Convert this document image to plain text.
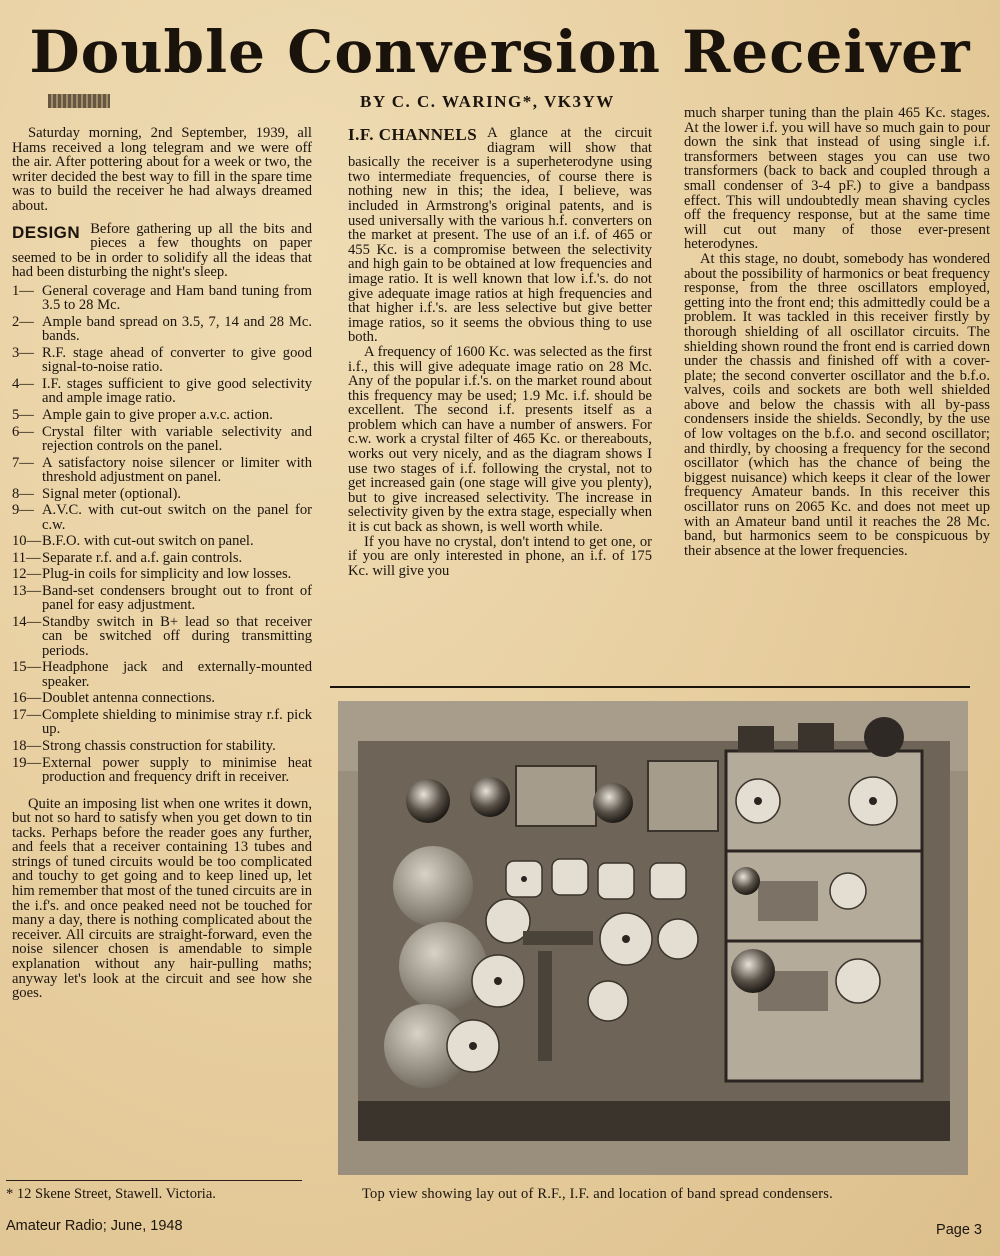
Double Conversion Receiver
BY C. C. WARING*, VK3YW

Saturday morning, 2nd September, 1939, all Hams received a long telegram and we were off the air. After pottering about for a week or two, the writer decided the best way to fill in the spare time was to build the receiver he had always dreamed about.

DESIGN Before gathering up all the bits and pieces a few thoughts on paper seemed to be in order to solidify all the ideas that had been disturbing the night's sleep.
1— General coverage and Ham band tuning from 3.5 to 28 Mc.
2— Ample band spread on 3.5, 7, 14 and 28 Mc. bands.
3— R.F. stage ahead of converter to give good signal-to-noise ratio.
4— I.F. stages sufficient to give good selectivity and ample image ratio.
5— Ample gain to give proper a.v.c. action.
6— Crystal filter with variable selectivity and rejection controls on the panel.
7— A satisfactory noise silencer or limiter with threshold adjustment on panel.
8— Signal meter (optional).
9— A.V.C. with cut-out switch on the panel for c.w.
10— B.F.O. with cut-out switch on panel.
11— Separate r.f. and a.f. gain controls.
12— Plug-in coils for simplicity and low losses.
13— Band-set condensers brought out to front of panel for easy adjustment.
14— Standby switch in B+ lead so that receiver can be switched off during transmitting periods.
15— Headphone jack and externally-mounted speaker.
16— Doublet antenna connections.
17— Complete shielding to minimise stray r.f. pick up.
18— Strong chassis construction for stability.
19— External power supply to minimise heat production and frequency drift in receiver.

Quite an imposing list when one writes it down, but not so hard to satisfy when you get down to tin tacks. Perhaps before the reader goes any further, and feels that a receiver containing 13 tubes and strings of tuned circuits would be too complicated and touchy to get going and to keep lined up, let him remember that most of the tuned circuits are in the i.f's. and once peaked need not be touched for many a day, there is nothing complicated about the receiver. All circuits are straight-forward, even the noise silencer chosen is amendable to simple explanation without any hair-pulling maths; anyway let's look at the circuit and see how she goes.

I.F. CHANNELS A glance at the circuit diagram will show that basically the receiver is a superheterodyne using two intermediate frequencies, of course there is nothing new in this; the idea, I believe, was included in Armstrong's original patents, and is used universally with the various h.f. converters on the market at present. The use of an i.f. of 465 or 455 Kc. is a compromise between the selectivity and high gain to be obtained at low frequencies and image ratio. It is well known that low i.f.'s. do not give adequate image ratios at high frequencies and that higher i.f.'s. are less selective but give better image ratios, so it seems the obvious thing to use both.

A frequency of 1600 Kc. was selected as the first i.f., this will give adequate image ratio on 28 Mc. Any of the popular i.f.'s. on the market round about this frequency may be used; 1.9 Mc. i.f. should be excellent. The second i.f. presents itself as a problem which can have a number of answers. For c.w. work a crystal filter of 465 Kc. or thereabouts, works out very nicely, and as the diagram shows I use two stages of i.f. following the crystal, not to get increased gain (one stage will give you plenty), but to give increased selectivity. The increase in selectivity given by the extra stage, especially when it is cut back as shown, is well worth while.

If you have no crystal, don't intend to get one, or if you are only interested in phone, an i.f. of 175 Kc. will give you

much sharper tuning than the plain 465 Kc. stages. At the lower i.f. you will have so much gain to pour down the sink that instead of using single i.f. transformers between stages you can use two transformers (back to back and coupled through a small condenser of 3-4 pF.) to give a bandpass effect. This will undoubtedly mean shaving cycles off the frequency response, but at the same time will cut out many of those ever-present heterodynes.

At this stage, no doubt, somebody has wondered about the possibility of harmonics or beat frequency response, from the three oscillators employed, getting into the front end; this admittedly could be a problem. It was tackled in this receiver firstly by thorough shielding of all oscillator circuits. The shielding shown round the front end is carried down under the chassis and finished off with a cover-plate; the second converter oscillator and the b.f.o. valves, coils and sockets are both well shielded above and below the chassis with all by-pass condensers inside the shields. Secondly, by the use of low voltages on the b.f.o. and second oscillator; and thirdly, by choosing a frequency for the second oscillator (which has the chance of being the biggest nuisance) which keeps it clear of the lower frequency Amateur bands. In this receiver this oscillator runs on 2065 Kc. and does not meet up with an Amateur band until it reaches the 28 Mc. band, but harmonics seem to be conspicuous by their absence at the lower frequencies.

* 12 Skene Street, Stawell. Victoria.	Top view showing lay out of R.F., I.F. and location of band spread condensers.
Amateur Radio; June, 1948	Page 3
